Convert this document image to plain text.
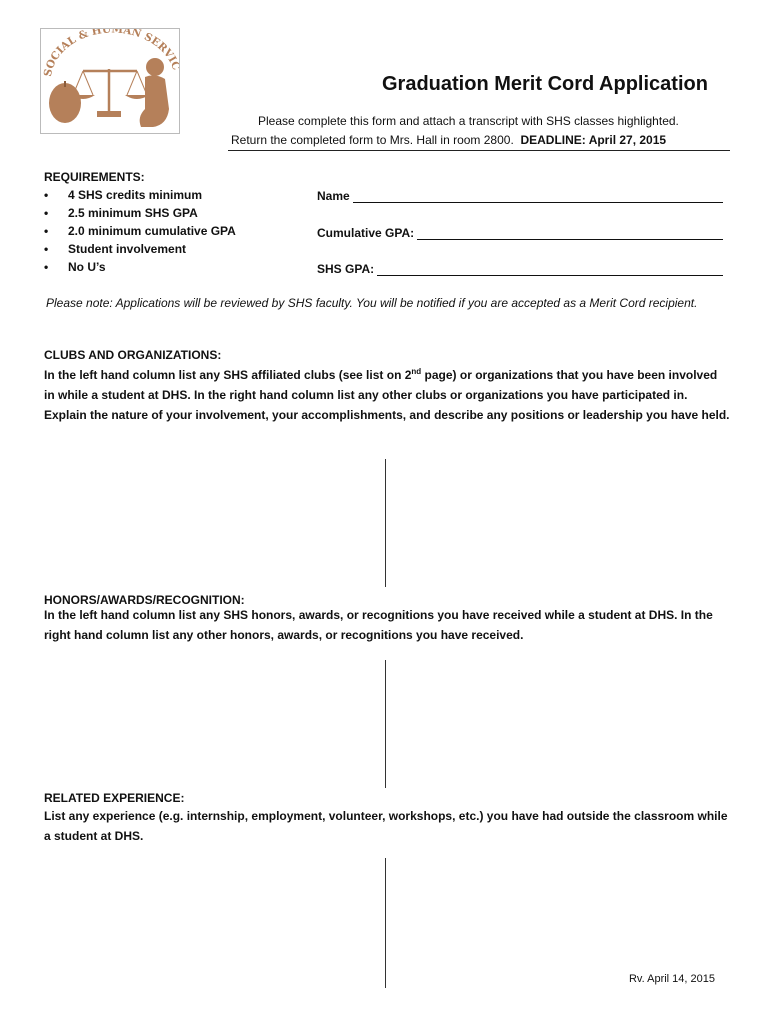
SOCIAL & HUMAN SERVI
Graduation Merit Cord Application
Please complete this form and attach a transcript with SHS classes highlighted.
Return the completed form to Mrs. Hall in room 2800. DEADLINE: April 27, 2015
REQUIREMENTS:
•	4 SHS credits minimum
•	2.5 minimum SHS GPA
•	2.0 minimum cumulative GPA
•	Student involvement
•	No U’s
Name
Cumulative GPA:
SHS GPA:
Please note: Applications will be reviewed by SHS faculty. You will be notified if you are accepted as a Merit Cord recipient.
CLUBS AND ORGANIZATIONS:
In the left hand column list any SHS affiliated clubs (see list on 2nd page) or organizations that you have been involved in while a student at DHS. In the right hand column list any other clubs or organizations you have participated in. Explain the nature of your involvement, your accomplishments, and describe any positions or leadership you have held.
HONORS/AWARDS/RECOGNITION:
In the left hand column list any SHS honors, awards, or recognitions you have received while a student at DHS. In the right hand column list any other honors, awards, or recognitions you have received.
RELATED EXPERIENCE:
List any experience (e.g. internship, employment, volunteer, workshops, etc.) you have had outside the classroom while a student at DHS.
Rv. April 14, 2015
